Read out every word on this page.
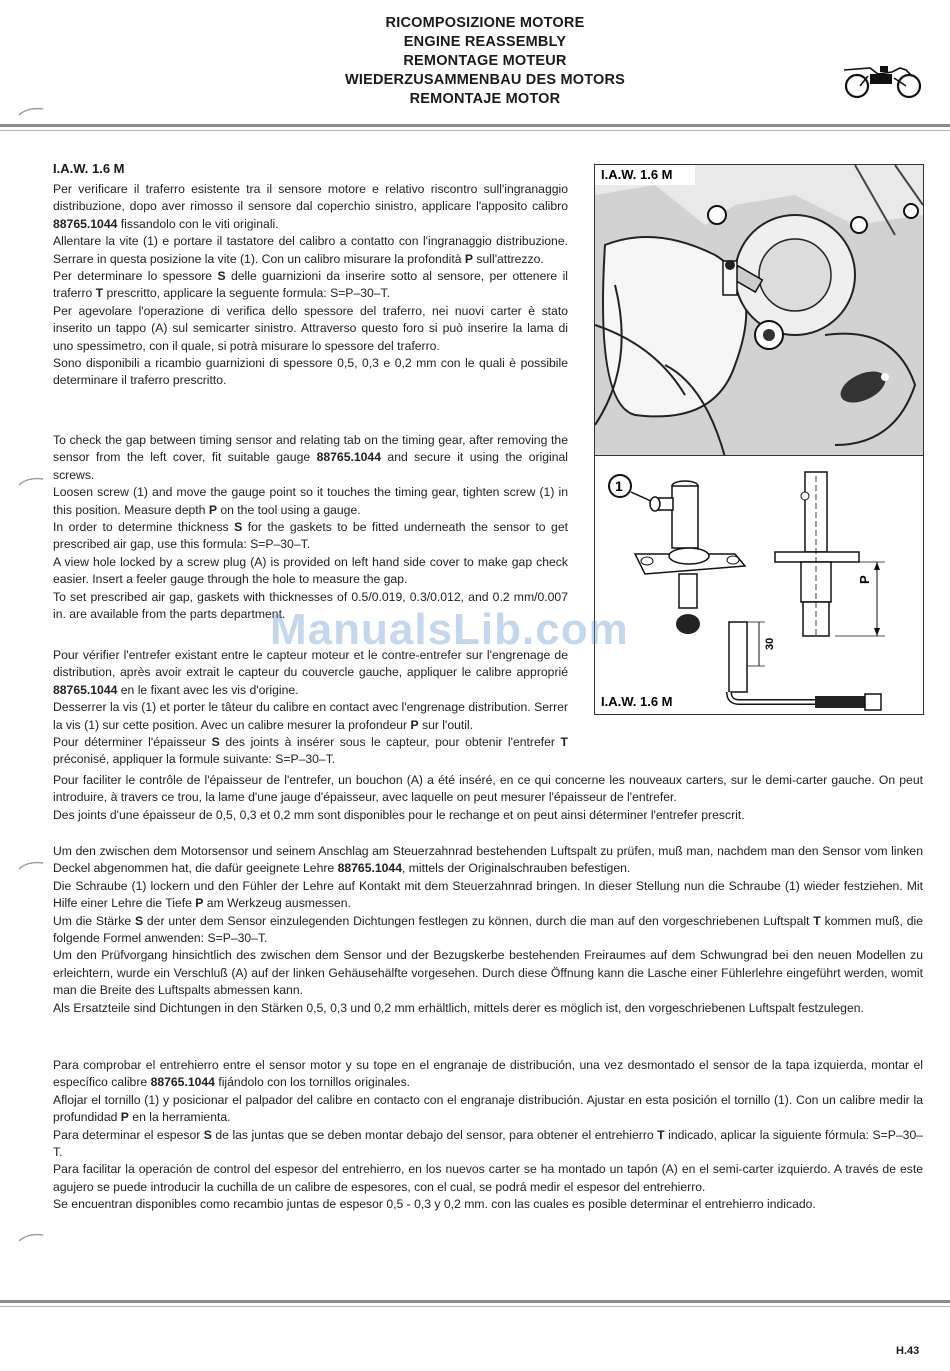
RICOMPOSIZIONE MOTORE
ENGINE REASSEMBLY
REMONTAGE MOTEUR
WIEDERZUSAMMENBAU DES MOTORS
REMONTAJE MOTOR
I.A.W. 1.6 M

Per verificare il traferro esistente tra il sensore motore e relativo riscontro sull'ingranaggio distribuzione, dopo aver rimosso il sensore dal coperchio sinistro, applicare l'apposito calibro 88765.1044 fissandolo con le viti originali.

Allentare la vite (1) e portare il tastatore del calibro a contatto con l'ingranaggio distribuzione. Serrare in questa posizione la vite (1). Con un calibro misurare la profondità P sull'attrezzo.

Per determinare lo spessore S delle guarnizioni da inserire sotto al sensore, per ottenere il traferro T prescritto, applicare la seguente formula: S=P–30–T.

Per agevolare l'operazione di verifica dello spessore del traferro, nei nuovi carter è stato inserito un tappo (A) sul semicarter sinistro. Attraverso questo foro si può inserire la lama di uno spessimetro, con il quale, si potrà misurare lo spessore del traferro.

Sono disponibili a ricambio guarnizioni di spessore 0,5, 0,3 e 0,2 mm con le quali è possibile determinare il traferro prescritto.

To check the gap between timing sensor and relating tab on the timing gear, after removing the sensor from the left cover, fit suitable gauge 88765.1044 and secure it using the original screws.

Loosen screw (1) and move the gauge point so it touches the timing gear, tighten screw (1) in this position. Measure depth P on the tool using a gauge.

In order to determine thickness S for the gaskets to be fitted underneath the sensor to get prescribed air gap, use this formula: S=P–30–T.

A view hole locked by a screw plug (A) is provided on left hand side cover to make gap check easier. Insert a feeler gauge through the hole to measure the gap.

To set prescribed air gap, gaskets with thicknesses of 0.5/0.019, 0.3/0.012, and 0.2 mm/0.007 in. are available from the parts department.

Pour vérifier l'entrefer existant entre le capteur moteur et le contre-entrefer sur l'engrenage de distribution, après avoir extrait le capteur du couvercle gauche, appliquer le calibre approprié 88765.1044 en le fixant avec les vis d'origine.

Desserrer la vis (1) et porter le tâteur du calibre en contact avec l'engrenage distribution. Serrer la vis (1) sur cette position. Avec un calibre mesurer la profondeur P sur l'outil.

Pour déterminer l'épaisseur S des joints à insérer sous le capteur, pour obtenir l'entrefer T préconisé, appliquer la formule suivante: S=P–30–T.

Pour faciliter le contrôle de l'épaisseur de l'entrefer, un bouchon (A) a été inséré, en ce qui concerne les nouveaux carters, sur le demi-carter gauche. On peut introduire, à travers ce trou, la lame d'une jauge d'épaisseur, avec laquelle on peut mesurer l'épaisseur de l'entrefer.

Des joints d'une épaisseur de 0,5, 0,3 et 0,2 mm sont disponibles pour le rechange et on peut ainsi déterminer l'entrefer prescrit.

Um den zwischen dem Motorsensor und seinem Anschlag am Steuerzahnrad bestehenden Luftspalt zu prüfen, muß man, nachdem man den Sensor vom linken Deckel abgenommen hat, die dafür geeignete Lehre 88765.1044, mittels der Originalschrauben befestigen.

Die Schraube (1) lockern und den Fühler der Lehre auf Kontakt mit dem Steuerzahnrad bringen. In dieser Stellung nun die Schraube (1) wieder festziehen. Mit Hilfe einer Lehre die Tiefe P am Werkzeug ausmessen.

Um die Stärke S der unter dem Sensor einzulegenden Dichtungen festlegen zu können, durch die man auf den vorgeschriebenen Luftspalt T kommen muß, die folgende Formel anwenden: S=P–30–T.

Um den Prüfvorgang hinsichtlich des zwischen dem Sensor und der Bezugskerbe bestehenden Freiraumes auf dem Schwungrad bei den neuen Modellen zu erleichtern, wurde ein Verschluß (A) auf der linken Gehäusehälfte vorgesehen. Durch diese Öffnung kann die Lasche einer Fühlerlehre eingeführt werden, womit man die Breite des Luftspalts abmessen kann.

Als Ersatzteile sind Dichtungen in den Stärken 0,5, 0,3 und 0,2 mm erhältlich, mittels derer es möglich ist, den vorgeschriebenen Luftspalt festzulegen.

Para comprobar el entrehierro entre el sensor motor y su tope en el engranaje de distribución, una vez desmontado el sensor de la tapa izquierda, montar el específico calibre 88765.1044 fijándolo con los tornillos originales.

Aflojar el tornillo (1) y posicionar el palpador del calibre en contacto con el engranaje distribución. Ajustar en esta posición el tornillo (1). Con un calibre medir la profundidad P en la herramienta.

Para determinar el espesor S de las juntas que se deben montar debajo del sensor, para obtener el entrehierro T indicado, aplicar la siguiente fórmula: S=P–30–T.

Para facilitar la operación de control del espesor del entrehierro, en los nuevos carter se ha montado un tapón (A) en el semi-carter izquierdo. A través de este agujero se puede introducir la cuchilla de un calibre de espesores, con el cual, se podrá medir el espesor del entrehierro.

Se encuentran disponibles como recambio juntas de espesor 0,5 - 0,3 y 0,2 mm. con las cuales es posible determinar el entrehierro indicado.

I.A.W. 1.6 M
1
P
30
I.A.W. 1.6 M
ManualsLib.com
H.43
